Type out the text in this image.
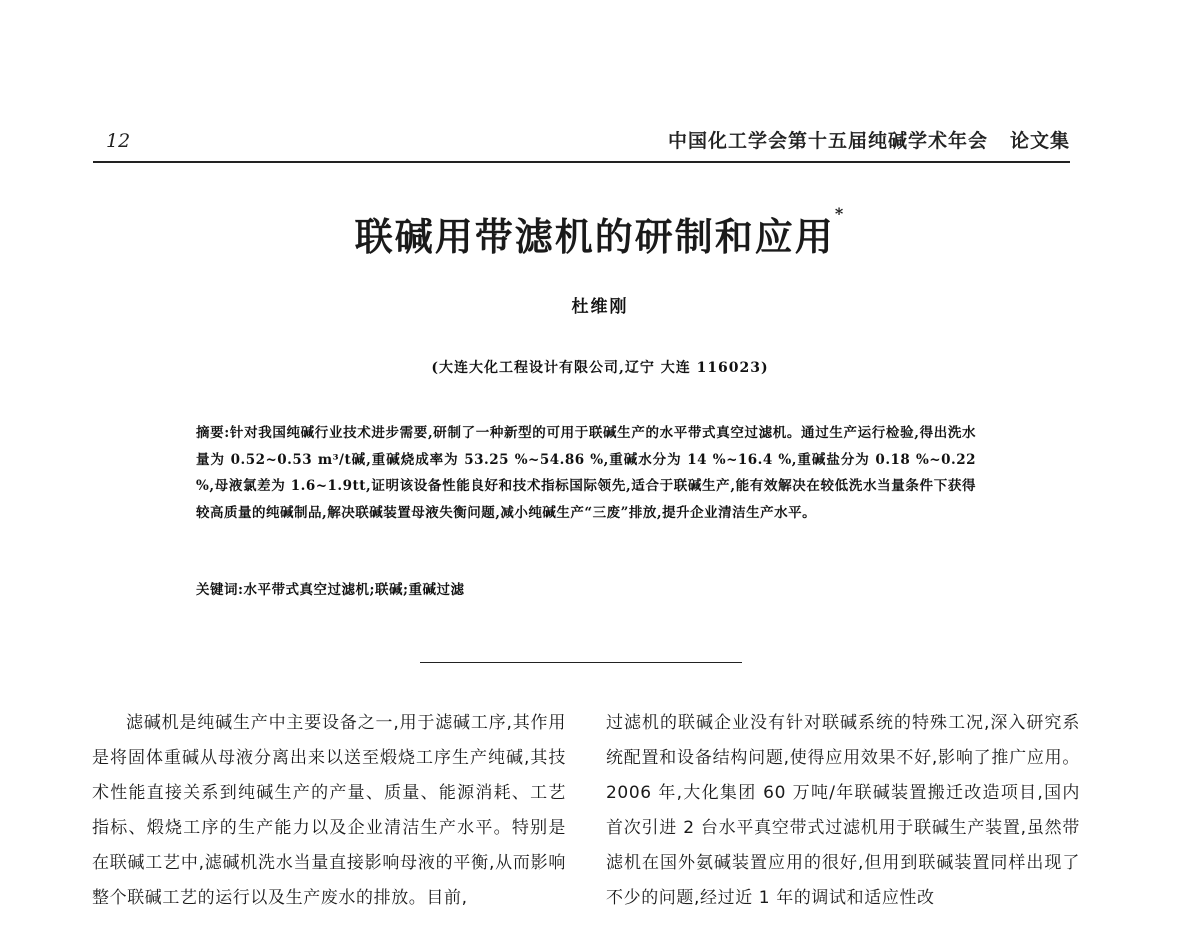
12	中国化工学会第十五届纯碱学术年会 论文集
联碱用带滤机的研制和应用*
杜维刚
(大连大化工程设计有限公司,辽宁 大连 116023)
摘要:针对我国纯碱行业技术进步需要,研制了一种新型的可用于联碱生产的水平带式真空过滤机。通过生产运行检验,得出洗水量为 0.52~0.53 m³/t碱,重碱烧成率为 53.25 %~54.86 %,重碱水分为 14 %~16.4 %,重碱盐分为 0.18 %~0.22 %,母液氯差为 1.6~1.9tt,证明该设备性能良好和技术指标国际领先,适合于联碱生产,能有效解决在较低洗水当量条件下获得较高质量的纯碱制品,解决联碱装置母液失衡问题,减小纯碱生产“三废”排放,提升企业清洁生产水平。
关键词:水平带式真空过滤机;联碱;重碱过滤
滤碱机是纯碱生产中主要设备之一,用于滤碱工序,其作用是将固体重碱从母液分离出来以送至煅烧工序生产纯碱,其技术性能直接关系到纯碱生产的产量、质量、能源消耗、工艺指标、煅烧工序的生产能力以及企业清洁生产水平。特别是在联碱工艺中,滤碱机洗水当量直接影响母液的平衡,从而影响整个联碱工艺的运行以及生产废水的排放。目前,
过滤机的联碱企业没有针对联碱系统的特殊工况,深入研究系统配置和设备结构问题,使得应用效果不好,影响了推广应用。2006 年,大化集团 60 万吨/年联碱装置搬迁改造项目,国内首次引进 2 台水平真空带式过滤机用于联碱生产装置,虽然带滤机在国外氨碱装置应用的很好,但用到联碱装置同样出现了不少的问题,经过近 1 年的调试和适应性改
